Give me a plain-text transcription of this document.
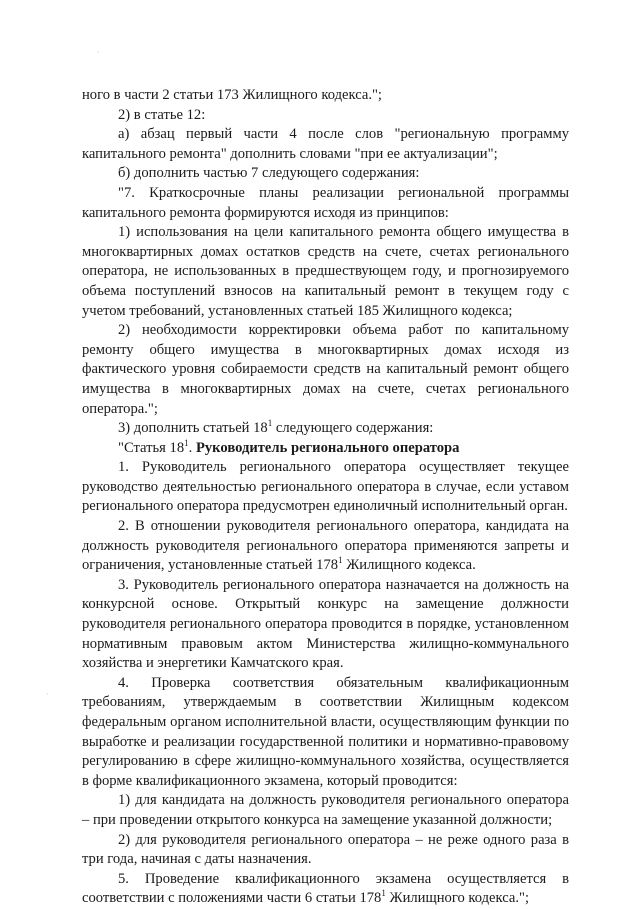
ного в части 2 статьи 173 Жилищного кодекса.";

2) в статье 12:

а) абзац первый части 4 после слов "региональную программу капитального ремонта" дополнить словами "при ее актуализации";

б) дополнить частью 7 следующего содержания:

"7. Краткосрочные планы реализации региональной программы капитального ремонта формируются исходя из принципов:

1) использования на цели капитального ремонта общего имущества в многоквартирных домах остатков средств на счете, счетах регионального оператора, не использованных в предшествующем году, и прогнозируемого объема поступлений взносов на капитальный ремонт в текущем году с учетом требований, установленных статьей 185 Жилищного кодекса;

2) необходимости корректировки объема работ по капитальному ремонту общего имущества в многоквартирных домах исходя из фактического уровня собираемости средств на капитальный ремонт общего имущества в многоквартирных домах на счете, счетах регионального оператора.";

3) дополнить статьей $18^1$ следующего содержания:

"Статья $18^1$. Руководитель регионального оператора

1. Руководитель регионального оператора осуществляет текущее руководство деятельностью регионального оператора в случае, если уставом регионального оператора предусмотрен единоличный исполнительный орган.

2. В отношении руководителя регионального оператора, кандидата на должность руководителя регионального оператора применяются запреты и ограничения, установленные статьей $178^1$ Жилищного кодекса.

3. Руководитель регионального оператора назначается на должность на конкурсной основе. Открытый конкурс на замещение должности руководителя регионального оператора проводится в порядке, установленном нормативным правовым актом Министерства жилищно-коммунального хозяйства и энергетики Камчатского края.

4. Проверка соответствия обязательным квалификационным требованиям, утверждаемым в соответствии Жилищным кодексом федеральным органом исполнительной власти, осуществляющим функции по выработке и реализации государственной политики и нормативно-правовому регулированию в сфере жилищно-коммунального хозяйства, осуществляется в форме квалификационного экзамена, который проводится:

1) для кандидата на должность руководителя регионального оператора – при проведении открытого конкурса на замещение указанной должности;

2) для руководителя регионального оператора – не реже одного раза в три года, начиная с даты назначения.

5. Проведение квалификационного экзамена осуществляется в соответствии с положениями части 6 статьи $178^1$ Жилищного кодекса.";

·
·
